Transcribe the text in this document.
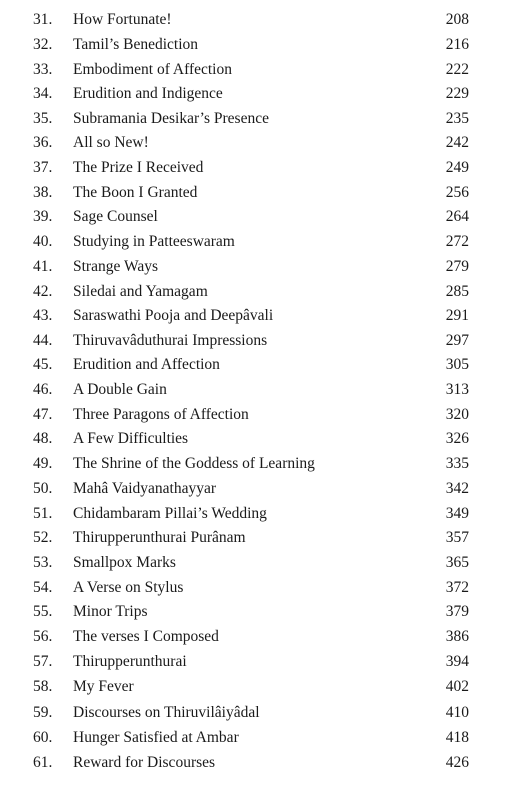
31.	How Fortunate!	208
32.	Tamil’s Benediction	216
33.	Embodiment of Affection	222
34.	Erudition and Indigence	229
35.	Subramania Desikar’s Presence	235
36.	All so New!	242
37.	The Prize I Received	249
38.	The Boon I Granted	256
39.	Sage Counsel	264
40.	Studying in Patteeswaram	272
41.	Strange Ways	279
42.	Siledai and Yamagam	285
43.	Saraswathi Pooja and Deepâvali	291
44.	Thiruvavâduthurai Impressions	297
45.	Erudition and Affection	305
46.	A Double Gain	313
47.	Three Paragons of Affection	320
48.	A Few Difficulties	326
49.	The Shrine of the Goddess of Learning	335
50.	Mahâ Vaidyanathayyar	342
51.	Chidambaram Pillai’s Wedding	349
52.	Thirupperunthurai Purânam	357
53.	Smallpox Marks	365
54.	A Verse on Stylus	372
55.	Minor Trips	379
56.	The verses I Composed	386
57.	Thirupperunthurai	394
58.	My Fever	402
59.	Discourses on Thiruvilâiyâdal	410
60.	Hunger Satisfied at Ambar	418
61.	Reward for Discourses	426
